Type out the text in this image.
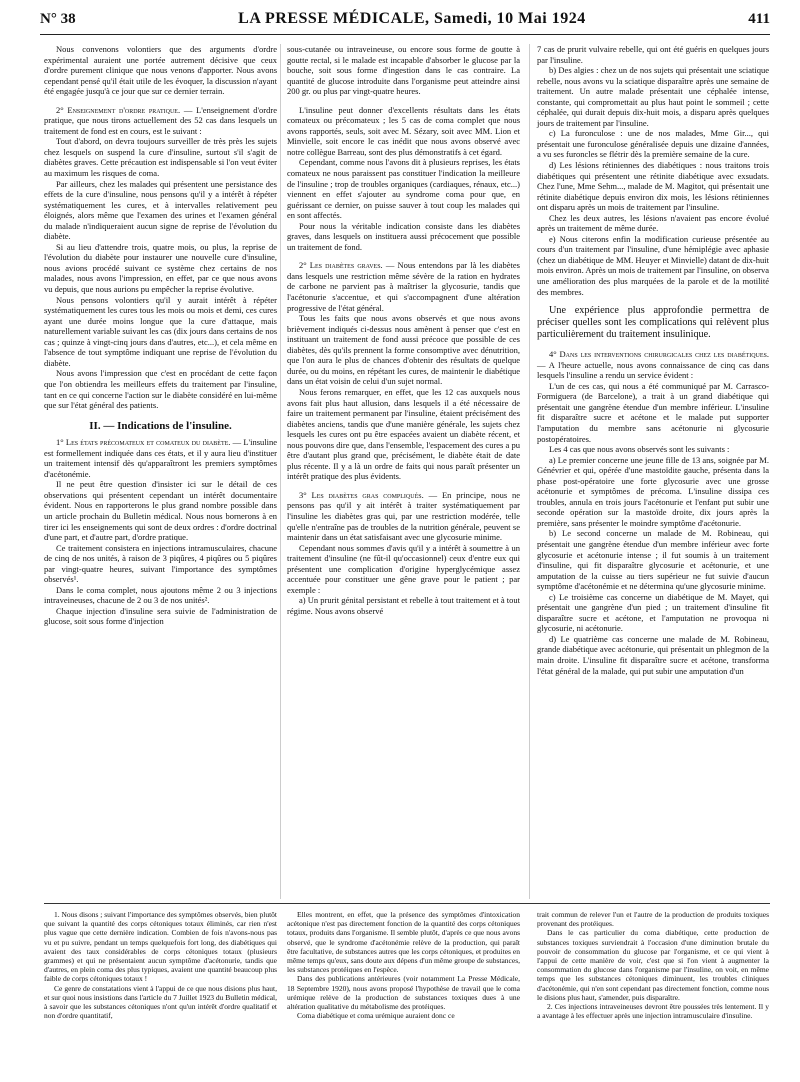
N° 38	LA PRESSE MÉDICALE, Samedi, 10 Mai 1924	411

Nous convenons volontiers que des arguments d'ordre expérimental auraient une portée autrement décisive que ceux d'ordre purement clinique que nous venons d'apporter. Nous avons cependant pensé qu'il était utile de les évoquer, la discussion n'ayant été engagée jusqu'à ce jour que sur ce dernier terrain.

2° Enseignement d'ordre pratique. — L'enseignement d'ordre pratique, que nous tirons actuellement des 52 cas dans lesquels un traitement de fond est en cours, est le suivant :

Tout d'abord, on devra toujours surveiller de très près les sujets chez lesquels on suspend la cure d'insuline, surtout s'il s'agit de diabètes graves. Cette précaution est indispensable si l'on veut éviter au maximum les risques de coma.

Par ailleurs, chez les malades qui présentent une persistance des effets de la cure d'insuline, nous pensons qu'il y a intérêt à répéter systématiquement les cures, et à intervalles relativement peu éloignés, alors même que l'examen des urines et l'examen général du malade n'indiqueraient aucun signe de reprise de l'évolution du diabète.

Si au lieu d'attendre trois, quatre mois, ou plus, la reprise de l'évolution du diabète pour instaurer une nouvelle cure d'insuline, nous avions procédé suivant ce système chez certains de nos malades, nous avons l'impression, en effet, par ce que nous avons vu depuis, que nous aurions pu empêcher la reprise évolutive.

Nous pensons volontiers qu'il y aurait intérêt à répéter systématiquement les cures tous les mois ou mois et demi, ces cures ayant une durée moins longue que la cure d'attaque, mais naturellement variable suivant les cas (dix jours dans certains de nos cas ; quinze à vingt-cinq jours dans d'autres, etc...), et cela même en l'absence de tout symptôme indiquant une reprise de l'évolution du diabète.

Nous avons l'impression que c'est en procédant de cette façon que l'on obtiendra les meilleurs effets du traitement par l'insuline, tant en ce qui concerne l'action sur le diabète considéré en lui-même que sur l'état général des patients.

II. — Indications de l'insuline.

1° Les états précomateux et comateux du diabète. — L'insuline est formellement indiquée dans ces états, et il y aura lieu d'instituer un traitement intensif dès qu'apparaîtront les premiers symptômes d'acétonémie.

Il ne peut être question d'insister ici sur le détail de ces observations qui présentent cependant un intérêt documentaire évident. Nous en rapporterons le plus grand nombre possible dans un article prochain du Bulletin médical. Nous nous bornerons à en tirer ici les enseignements qui sont de deux ordres : d'ordre doctrinal d'une part, et d'autre part, d'ordre pratique.

Ce traitement consistera en injections intramusculaires, chacune de cinq de nos unités, à raison de 3 piqûres, 4 piqûres ou 5 piqûres par vingt-quatre heures, suivant l'importance des symptômes observés¹.

Dans le coma complet, nous ajoutons même 2 ou 3 injections intraveineuses, chacune de 2 ou 3 de nos unités².

Chaque injection d'insuline sera suivie de l'administration de glucose, soit sous forme d'injection

sous-cutanée ou intraveineuse, ou encore sous forme de goutte à goutte rectal, si le malade est incapable d'absorber le glucose par la bouche, soit sous forme d'ingestion dans le cas contraire. La quantité de glucose introduite dans l'organisme peut atteindre ainsi 200 gr. ou plus par vingt-quatre heures.

L'insuline peut donner d'excellents résultats dans les états comateux ou précomateux ; les 5 cas de coma complet que nous avons rapportés, seuls, soit avec M. Sézary, soit avec MM. Lion et Minvielle, soit encore le cas inédit que nous avons observé avec notre collègue Barreau, sont des plus démonstratifs à cet égard.

Cependant, comme nous l'avons dit à plusieurs reprises, les états comateux ne nous paraissent pas constituer l'indication la meilleure de l'insuline ; trop de troubles organiques (cardiaques, rénaux, etc...) viennent en effet s'ajouter au syndrome coma pour que, en guérissant ce dernier, on puisse sauver à tout coup les malades qui en sont affectés.

Pour nous la véritable indication consiste dans les diabètes graves, dans lesquels on instituera aussi précocement que possible un traitement de fond.

2° Les diabètes graves. — Nous entendons par là les diabètes dans lesquels une restriction même sévère de la ration en hydrates de carbone ne parvient pas à maîtriser la glycosurie, tandis que l'acétonurie s'accentue, et qui s'accompagnent d'une altération progressive de l'état général.

Tous les faits que nous avons observés et que nous avons brièvement indiqués ci-dessus nous amènent à penser que c'est en instituant un traitement de fond aussi précoce que possible de ces diabètes, dès qu'ils prennent la forme consomptive avec dénutrition, que l'on aura le plus de chances d'obtenir des résultats de quelque durée, ou du moins, en répétant les cures, de maintenir le diabétique dans un état voisin de celui d'un sujet normal.

Nous ferons remarquer, en effet, que les 12 cas auxquels nous avons fait plus haut allusion, dans lesquels il a été nécessaire de faire un traitement permanent par l'insuline, étaient précisément des diabètes anciens, tandis que d'une manière générale, les sujets chez lesquels les cures ont pu être espacées avaient un diabète récent, et nous pouvons dire que, dans l'ensemble, l'espacement des cures a pu être d'autant plus grand que, précisément, le diabète était de date plus récente. Il y a là un ordre de faits qui nous paraît présenter un intérêt pratique des plus évidents.

3° Les diabètes gras compliqués. — En principe, nous ne pensons pas qu'il y ait intérêt à traiter systématiquement par l'insuline les diabètes gras qui, par une restriction modérée, telle qu'elle n'entraîne pas de troubles de la nutrition générale, peuvent se maintenir dans un état satisfaisant avec une glycosurie minime.

Cependant nous sommes d'avis qu'il y a intérêt à soumettre à un traitement d'insuline (ne fût-il qu'occasionnel) ceux d'entre eux qui présentent une complication d'origine hyperglycémique assez accentuée pour constituer une gêne grave pour le patient ; par exemple :

a) Un prurit génital persistant et rebelle à tout traitement et à tout régime. Nous avons observé

7 cas de prurit vulvaire rebelle, qui ont été guéris en quelques jours par l'insuline.

b) Des algies : chez un de nos sujets qui présentait une sciatique rebelle, nous avons vu la sciatique disparaître après une semaine de traitement. Un autre malade présentait une céphalée intense, constante, qui compromettait au plus haut point le sommeil ; cette céphalée, qui durait depuis dix-huit mois, a disparu après quelques jours de traitement par l'insuline.

c) La furonculose : une de nos malades, Mme Gir..., qui présentait une furonculose généralisée depuis une dizaine d'années, a vu ses furoncles se flétrir dès la première semaine de la cure.

d) Les lésions rétiniennes des diabétiques : nous traitons trois diabétiques qui présentent une rétinite diabétique avec exsudats. Chez l'une, Mme Sehm..., malade de M. Magitot, qui présentait une rétinite diabétique depuis environ dix mois, les lésions rétiniennes ont disparu après un mois de traitement par l'insuline.

Chez les deux autres, les lésions n'avaient pas encore évolué après un traitement de même durée.

e) Nous citerons enfin la modification curieuse présentée au cours d'un traitement par l'insuline, d'une hémiplégie avec aphasie (chez un diabétique de MM. Heuyer et Minvielle) datant de dix-huit mois environ. Après un mois de traitement par l'insuline, on observa une amélioration des plus marquées de la parole et de la motilité des membres.

Une expérience plus approfondie permettra de préciser quelles sont les complications qui relèvent plus particulièrement du traitement insulinique.

4° Dans les interventions chirurgicales chez les diabétiques. — A l'heure actuelle, nous avons connaissance de cinq cas dans lesquels l'insuline a rendu un service évident :

L'un de ces cas, qui nous a été communiqué par M. Carrasco-Formiguera (de Barcelone), a trait à un grand diabétique qui présentait une gangrène étendue d'un membre inférieur. L'insuline fit disparaître sucre et acétone et le malade put supporter l'amputation du membre sans acétonurie ni glycosurie postopératoires.

Les 4 cas que nous avons observés sont les suivants :

a) Le premier concerne une jeune fille de 13 ans, soignée par M. Génévrier et qui, opérée d'une mastoïdite gauche, présenta dans la phase post-opératoire une forte glycosurie avec une grosse acétonurie et symptômes de précoma. L'insuline dissipa ces troubles, annula en trois jours l'acétonurie et l'enfant put subir une seconde opération sur la mastoïde droite, dix jours après la première, sans présenter le moindre symptôme d'acétonurie.

b) Le second concerne un malade de M. Robineau, qui présentait une gangrène étendue d'un membre inférieur avec forte glycosurie et acétonurie intense ; il fut soumis à un traitement d'insuline, qui fit disparaître glycosurie et acétonurie, et une amputation de la cuisse au tiers supérieur ne fut suivie d'aucun symptôme d'acétonémie et ne détermina qu'une glycosurie minime.

c) Le troisième cas concerne un diabétique de M. Mayet, qui présentait une gangrène d'un pied ; un traitement d'insuline fit disparaître sucre et acétone, et l'amputation ne provoqua ni glycosurie, ni acétonurie.

d) Le quatrième cas concerne une malade de M. Robineau, grande diabétique avec acétonurie, qui présentait un phlegmon de la main droite. L'insuline fit disparaître sucre et acétone, transforma l'état général de la malade, qui put subir une amputation d'un

1. Nous disons ; suivant l'importance des symptômes observés, bien plutôt que suivant la quantité des corps cétoniques totaux éliminés, car rien n'est plus vague que cette dernière indication. Combien de fois n'avons-nous pas vu et pu suivre, pendant un temps quelquefois fort long, des diabétiques qui avaient des taux considérables de corps cétoniques totaux (plusieurs grammes) et qui ne présentaient aucun symptôme d'acétonurie, tandis que d'autres, en plein coma des plus typiques, avaient une quantité beaucoup plus faible de corps cétoniques totaux !

Ce genre de constatations vient à l'appui de ce que nous disions plus haut, et sur quoi nous insistions dans l'article du 7 Juillet 1923 du Bulletin médical, à savoir que les substances cétoniques n'ont qu'un intérêt d'ordre qualitatif et non d'ordre quantitatif,

Elles montrent, en effet, que la présence des symptômes d'intoxication acétonique n'est pas directement fonction de la quantité des corps cétoniques totaux, produits dans l'organisme. Il semble plutôt, d'après ce que nous avons observé, que le syndrome d'acétonémie relève de la production, qui paraît être facultative, de substances autres que les corps cétoniques, et produites en même temps qu'eux, sans doute aux dépens d'un même groupe de substances, les substances protéiques en l'espèce.

Dans des publications antérieures (voir notamment La Presse Médicale, 18 Septembre 1920), nous avons proposé l'hypothèse de travail que le coma urémique relève de la production de substances toxiques dues à une altération qualitative du métabolisme des protéiques.

Coma diabétique et coma urémique auraient donc ce

trait commun de relever l'un et l'autre de la production de produits toxiques provenant des protéiques.

Dans le cas particulier du coma diabétique, cette production de substances toxiques surviendrait à l'occasion d'une diminution brutale du pouvoir de consommation du glucose par l'organisme, et ce qui vient à l'appui de cette manière de voir, c'est que si l'on vient à augmenter la consommation du glucose dans l'organisme par l'insuline, on voit, en même temps que les substances cétoniques diminuent, les troubles cliniques d'acétonémie, qui n'en sont cependant pas directement fonction, comme nous le disions plus haut, s'amender, puis disparaître.

2. Ces injections intraveineuses devront être poussées très lentement. Il y a avantage à les effectuer après une injection intramusculaire d'insuline.
